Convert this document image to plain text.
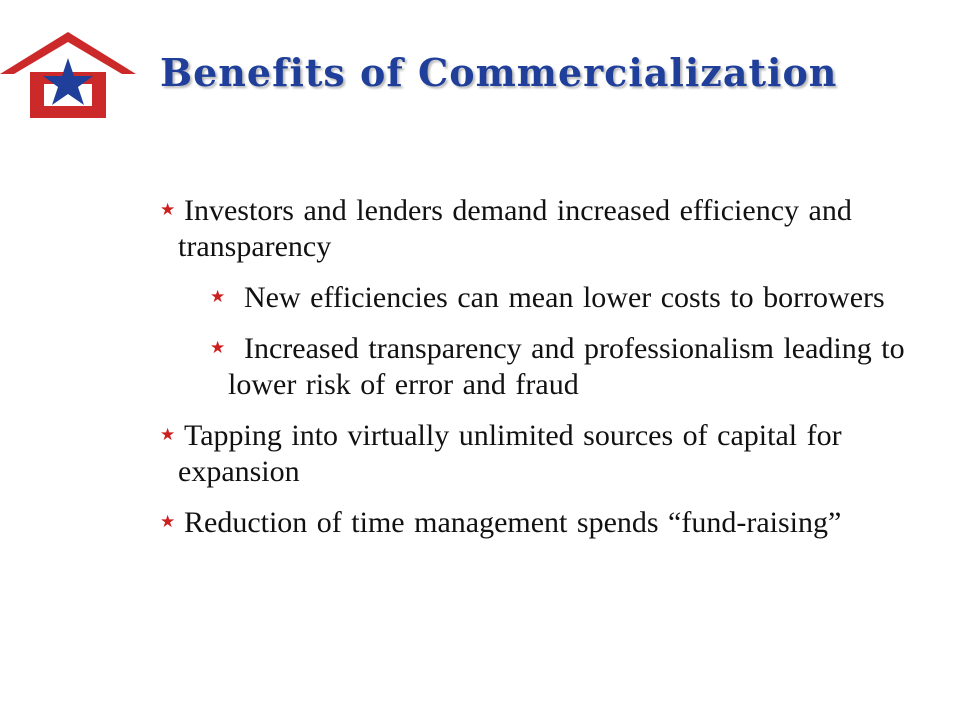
Benefits of Commercialization
★ Investors and lenders demand increased efficiency and transparency
★ New efficiencies can mean lower costs to borrowers
★ Increased transparency and professionalism leading to lower risk of error and fraud
★ Tapping into virtually unlimited sources of capital for expansion
★ Reduction of time management spends “fund-raising”
